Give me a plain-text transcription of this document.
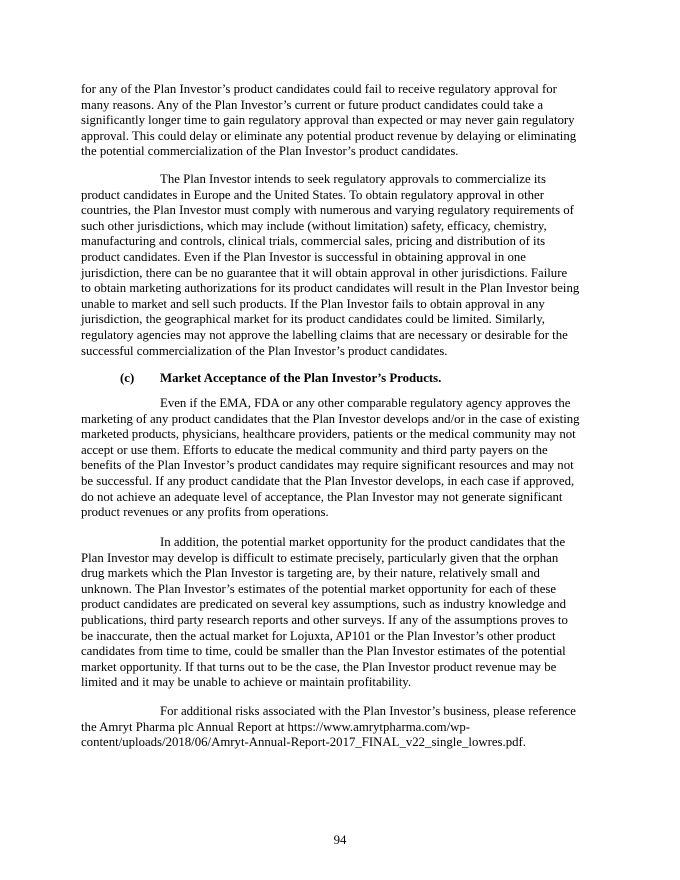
for any of the Plan Investor’s product candidates could fail to receive regulatory approval for
many reasons. Any of the Plan Investor’s current or future product candidates could take a
significantly longer time to gain regulatory approval than expected or may never gain regulatory
approval. This could delay or eliminate any potential product revenue by delaying or eliminating
the potential commercialization of the Plan Investor’s product candidates.
The Plan Investor intends to seek regulatory approvals to commercialize its
product candidates in Europe and the United States. To obtain regulatory approval in other
countries, the Plan Investor must comply with numerous and varying regulatory requirements of
such other jurisdictions, which may include (without limitation) safety, efficacy, chemistry,
manufacturing and controls, clinical trials, commercial sales, pricing and distribution of its
product candidates. Even if the Plan Investor is successful in obtaining approval in one
jurisdiction, there can be no guarantee that it will obtain approval in other jurisdictions. Failure
to obtain marketing authorizations for its product candidates will result in the Plan Investor being
unable to market and sell such products. If the Plan Investor fails to obtain approval in any
jurisdiction, the geographical market for its product candidates could be limited. Similarly,
regulatory agencies may not approve the labelling claims that are necessary or desirable for the
successful commercialization of the Plan Investor’s product candidates.
(c) Market Acceptance of the Plan Investor’s Products.
Even if the EMA, FDA or any other comparable regulatory agency approves the
marketing of any product candidates that the Plan Investor develops and/or in the case of existing
marketed products, physicians, healthcare providers, patients or the medical community may not
accept or use them. Efforts to educate the medical community and third party payers on the
benefits of the Plan Investor’s product candidates may require significant resources and may not
be successful. If any product candidate that the Plan Investor develops, in each case if approved,
do not achieve an adequate level of acceptance, the Plan Investor may not generate significant
product revenues or any profits from operations.
In addition, the potential market opportunity for the product candidates that the
Plan Investor may develop is difficult to estimate precisely, particularly given that the orphan
drug markets which the Plan Investor is targeting are, by their nature, relatively small and
unknown. The Plan Investor’s estimates of the potential market opportunity for each of these
product candidates are predicated on several key assumptions, such as industry knowledge and
publications, third party research reports and other surveys. If any of the assumptions proves to
be inaccurate, then the actual market for Lojuxta, AP101 or the Plan Investor’s other product
candidates from time to time, could be smaller than the Plan Investor estimates of the potential
market opportunity. If that turns out to be the case, the Plan Investor product revenue may be
limited and it may be unable to achieve or maintain profitability.
For additional risks associated with the Plan Investor’s business, please reference
the Amryt Pharma plc Annual Report at https://www.amrytpharma.com/wp-
content/uploads/2018/06/Amryt-Annual-Report-2017_FINAL_v22_single_lowres.pdf.
94
